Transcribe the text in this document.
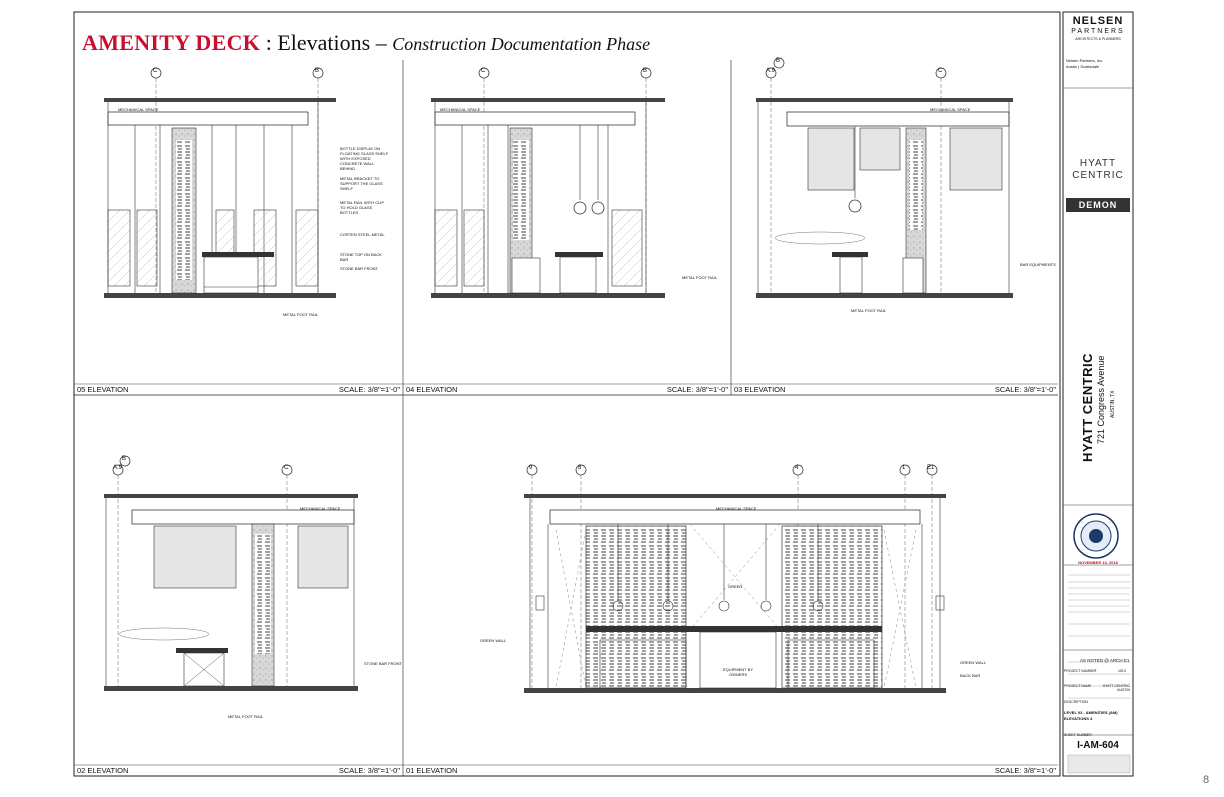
AMENITY DECK : Elevations – Construction Documentation Phase
C	B	C	B
B
A.9	C
B
A.9	C	9	8	4	1	E1
05 ELEVATION	SCALE: 3/8"=1'-0" 04 ELEVATION	SCALE: 3/8"=1'-0" 03 ELEVATION	SCALE: 3/8"=1'-0"
02 ELEVATION	SCALE: 3/8"=1'-0" 01 ELEVATION	SCALE: 3/8"=1'-0"
MECHANICAL SPACE
BOTTLE DISPLAY ON FLOATING GLASS SHELF WITH EXPOSED CONCRETE WALL BEHIND
METAL BRACKET TO SUPPORT THE GLASS SHELF
METAL RAIL WITH CLIP TO HOLD GLASS BOTTLES
CORTEN STEEL METAL
STONE TOP ON BACK BAR
STONE BAR FRONT
METAL FOOT RAIL
MECHANICAL SPACE
METAL FOOT RAIL
MECHANICAL SPACE
BAR EQUIPMENTS
METAL FOOT RAIL
MECHANICAL SPACE
STONE BAR FRONT
METAL FOOT RAIL
MECHANICAL SPACE
GREEN
GREEN WALL
GREEN WALL
BACK BAR
EQUIPMENT BY OWNERS
NELSEN
PARTNERS
ARCHITECTS & PLANNERS
Nelsen Partners, Inc.
Austin | Scottsdale
HYATT
CENTRIC
DEMON
HYATT CENTRIC 721 Congress Avenue AUSTIN, TX
NOVEMBER 13, 2018
AS NOTED @ ARCH E1
PROJECT NUMBER	1513
PROJECT NAME	HYATT CENTRIC AUSTIN
DESCRIPTION
LEVEL 03 - AMENITIES (AM) ELEVATIONS 4
SHEET NUMBER
I-AM-604
8
